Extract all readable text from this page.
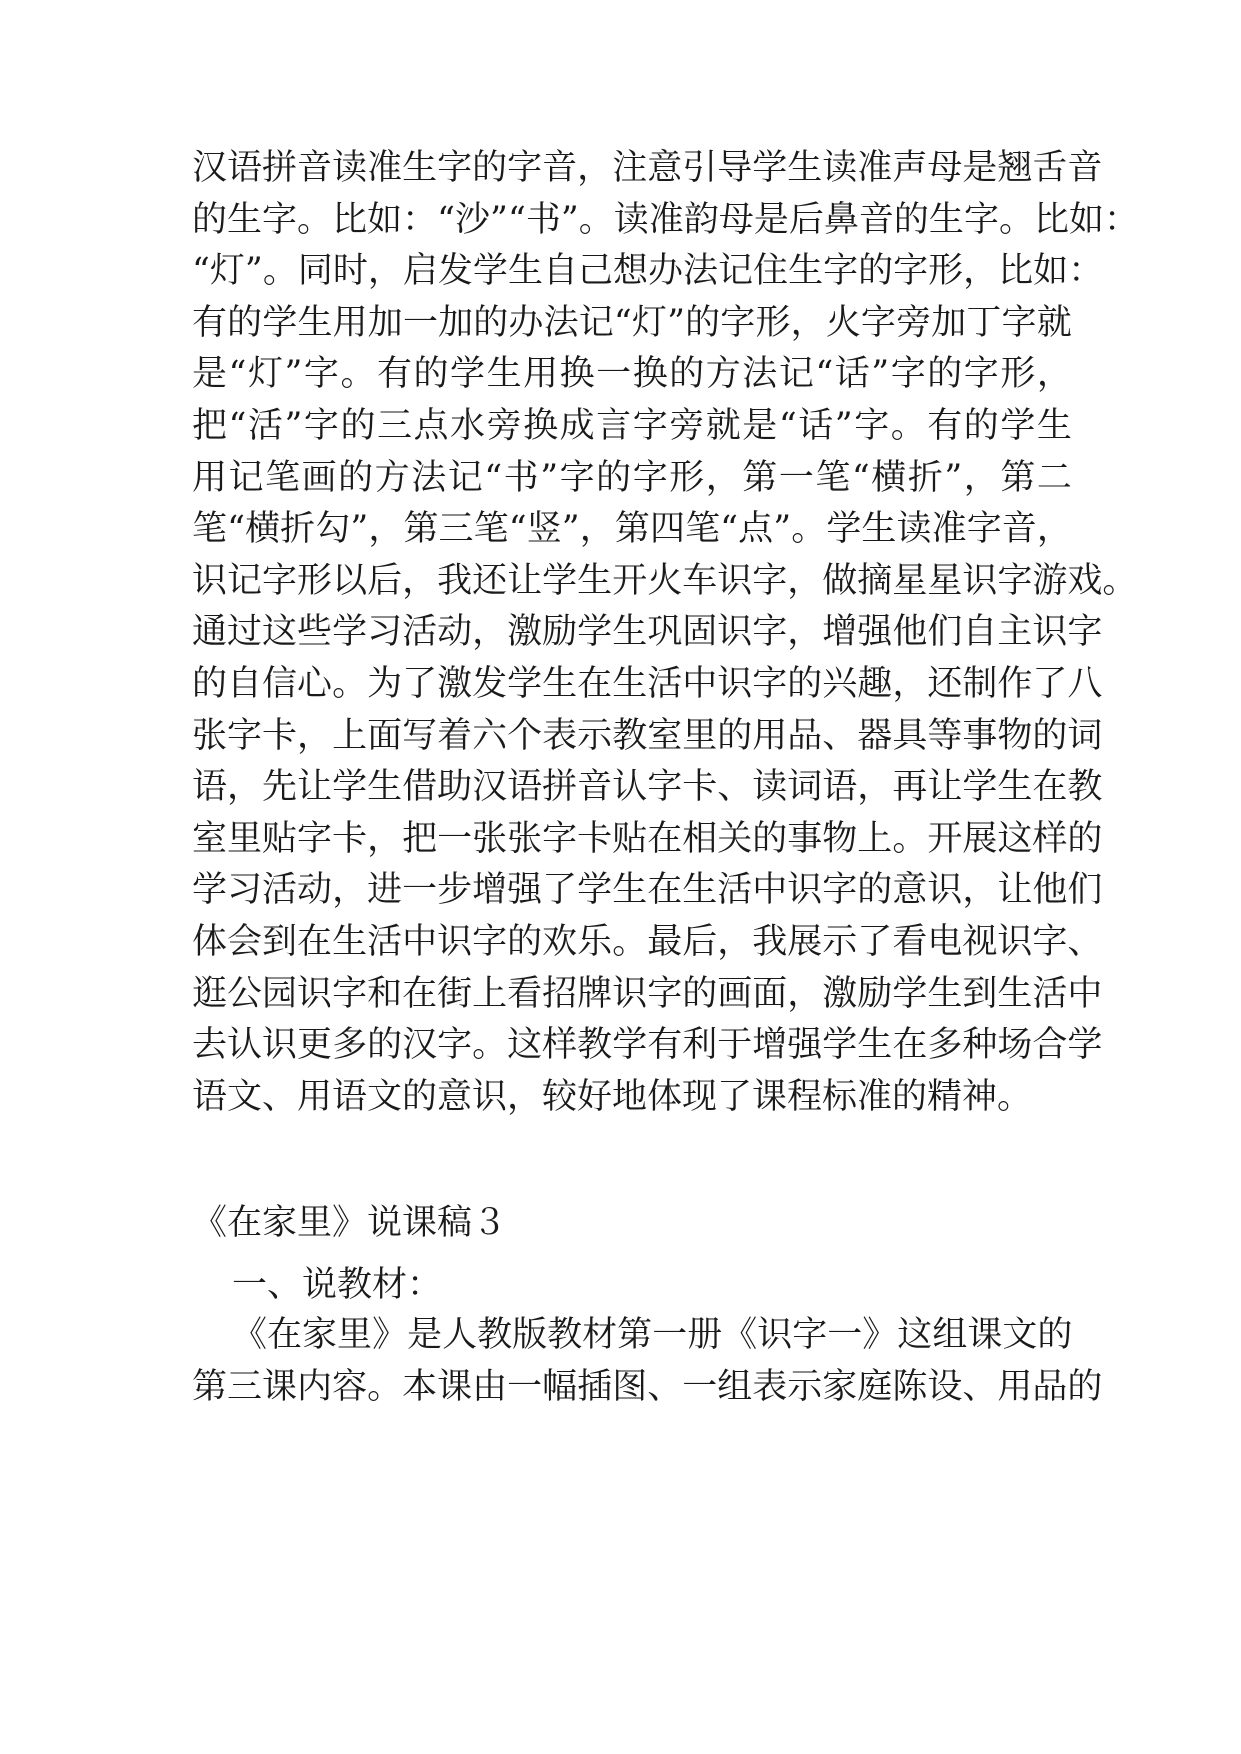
汉 语 拼 音 读 准 生 字 的 字 音 ， 注 意 引 导 学 生 读 准 声 母 是 翘 舌 音
的 生 字 。 比 如 ： “ 沙 ” “ 书 ” 。 读 准 韵 母 是 后 鼻 音 的 生 字 。 比 如 ：
“ 灯 ” 。 同 时 ， 启 发 学 生 自 己 想 办 法 记 住 生 字 的 字 形 ， 比 如 ：
有 的 学 生 用 加 一 加 的 办 法 记 “ 灯 ” 的 字 形 ， 火 字 旁 加 丁 字 就
是 “ 灯 ” 字 。 有 的 学 生 用 换 一 换 的 方 法 记 “ 话 ” 字 的 字 形 ，
把 “ 活 ” 字 的 三 点 水 旁 换 成 言 字 旁 就 是 “ 话 ” 字 。 有 的 学 生
用 记 笔 画 的 方 法 记 “ 书 ” 字 的 字 形 ， 第 一 笔 “ 横 折 ” ， 第 二
笔 “ 横 折 勾 ” ， 第 三 笔 “ 竖 ” ， 第 四 笔 “ 点 ” 。 学 生 读 准 字 音 ，
识 记 字 形 以 后 ， 我 还 让 学 生 开 火 车 识 字 ， 做 摘 星 星 识 字 游 戏 。
通 过 这 些 学 习 活 动 ， 激 励 学 生 巩 固 识 字 ， 增 强 他 们 自 主 识 字
的 自 信 心 。 为 了 激 发 学 生 在 生 活 中 识 字 的 兴 趣 ， 还 制 作 了 八
张 字 卡 ， 上 面 写 着 六 个 表 示 教 室 里 的 用 品 、 器 具 等 事 物 的 词
语 ， 先 让 学 生 借 助 汉 语 拼 音 认 字 卡 、 读 词 语 ， 再 让 学 生 在 教
室 里 贴 字 卡 ， 把 一 张 张 字 卡 贴 在 相 关 的 事 物 上 。 开 展 这 样 的
学 习 活 动 ， 进 一 步 增 强 了 学 生 在 生 活 中 识 字 的 意 识 ， 让 他 们
体 会 到 在 生 活 中 识 字 的 欢 乐 。 最 后 ， 我 展 示 了 看 电 视 识 字 、
逛 公 园 识 字 和 在 街 上 看 招 牌 识 字 的 画 面 ， 激 励 学 生 到 生 活 中
去 认 识 更 多 的 汉 字 。 这 样 教 学 有 利 于 增 强 学 生 在 多 种 场 合 学
语文、用语文的意识，较好地体现了课程标准的精神。
《在家里》说课稿３
一、说教材：
《 在 家 里 》 是 人 教 版 教 材 第 一 册 《 识 字 一 》 这 组 课 文 的
第 三 课 内 容 。 本 课 由 一 幅 插 图 、 一 组 表 示 家 庭 陈 设 、 用 品 的
